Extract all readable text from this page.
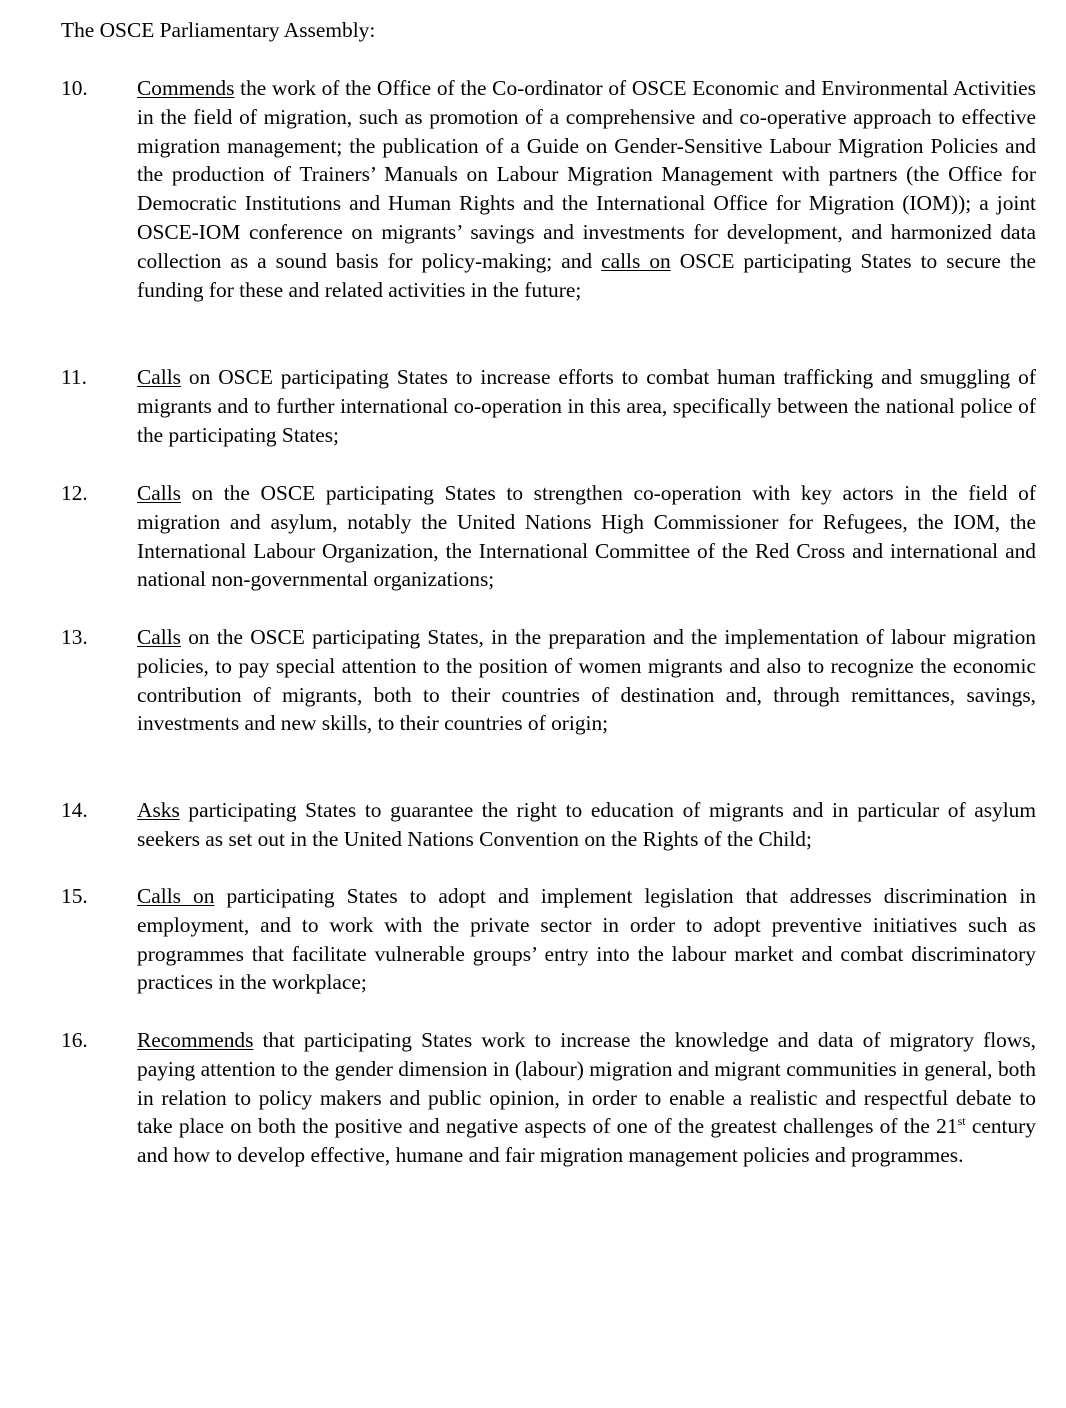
The OSCE Parliamentary Assembly:

10.	Commends the work of the Office of the Co-ordinator of OSCE Economic and Environmental Activities in the field of migration, such as promotion of a comprehensive and co-operative approach to effective migration management; the publication of a Guide on Gender-Sensitive Labour Migration Policies and the production of Trainers’ Manuals on Labour Migration Management with partners (the Office for Democratic Institutions and Human Rights and the International Office for Migration (IOM)); a joint OSCE-IOM conference on migrants’ savings and investments for development, and harmonized data collection as a sound basis for policy-making; and calls on OSCE participating States to secure the funding for these and related activities in the future;
11.	Calls on OSCE participating States to increase efforts to combat human trafficking and smuggling of migrants and to further international co-operation in this area, specifically between the national police of the participating States;
12.	Calls on the OSCE participating States to strengthen co-operation with key actors in the field of migration and asylum, notably the United Nations High Commissioner for Refugees, the IOM, the International Labour Organization, the International Committee of the Red Cross and international and national non-governmental organizations;
13.	Calls on the OSCE participating States, in the preparation and the implementation of labour migration policies, to pay special attention to the position of women migrants and also to recognize the economic contribution of migrants, both to their countries of destination and, through remittances, savings, investments and new skills, to their countries of origin;
14.	Asks participating States to guarantee the right to education of migrants and in particular of asylum seekers as set out in the United Nations Convention on the Rights of the Child;
15.	Calls on participating States to adopt and implement legislation that addresses discrimination in employment, and to work with the private sector in order to adopt preventive initiatives such as programmes that facilitate vulnerable groups’ entry into the labour market and combat discriminatory practices in the workplace;
16.	Recommends that participating States work to increase the knowledge and data of migratory flows, paying attention to the gender dimension in (labour) migration and migrant communities in general, both in relation to policy makers and public opinion, in order to enable a realistic and respectful debate to take place on both the positive and negative aspects of one of the greatest challenges of the 21st century and how to develop effective, humane and fair migration management policies and programmes.
